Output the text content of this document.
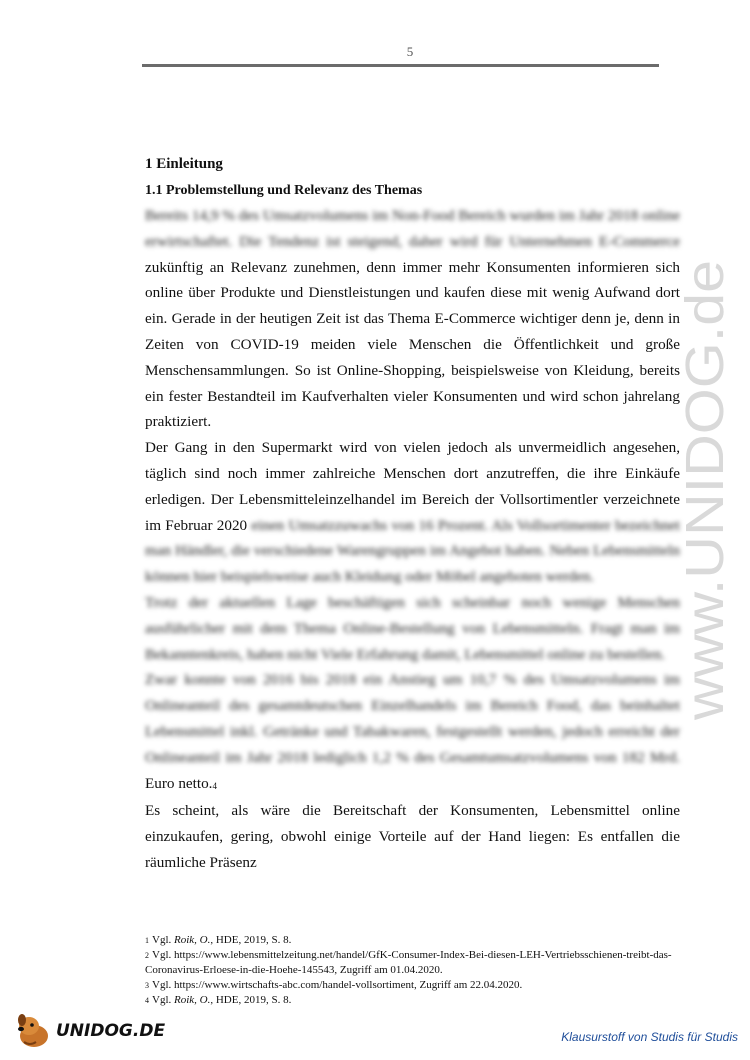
5
1 Einleitung
1.1 Problemstellung und Relevanz des Themas

Bereits 14,9 % des Umsatzvolumens im Non-Food Bereich wurden im Jahr 2018 online erwirtschaftet. Die Tendenz ist steigend, daher wird für Unternehmen E-Commerce zukünftig an Relevanz zunehmen, denn immer mehr Konsumenten informieren sich online über Produkte und Dienstleistungen und kaufen diese mit wenig Aufwand dort ein. Gerade in der heutigen Zeit ist das Thema E-Commerce wichtiger denn je, denn in Zeiten von COVID-19 meiden viele Menschen die Öffentlichkeit und große Menschensammlungen. So ist Online-Shopping, beispielsweise von Kleidung, bereits ein fester Bestandteil im Kaufverhalten vieler Konsumenten und wird schon jahrelang praktiziert.

Der Gang in den Supermarkt wird von vielen jedoch als unvermeidlich angesehen, täglich sind noch immer zahlreiche Menschen dort anzutreffen, die ihre Einkäufe erledigen. Der Lebensmitteleinzelhandel im Bereich der Vollsortimentler verzeichnete im Februar 2020 einen Umsatzzuwachs von 16 Prozent. Als Vollsortimenter bezeichnet man Händler, die verschiedene Warengruppen im Angebot haben. Neben Lebensmitteln können hier beispielsweise auch Kleidung oder Möbel angeboten werden.

Trotz der aktuellen Lage beschäftigen sich scheinbar noch wenige Menschen ausführlicher mit dem Thema Online-Bestellung von Lebensmitteln. Fragt man im Bekanntenkreis, haben nicht Viele Erfahrung damit, Lebensmittel online zu bestellen.

Zwar konnte von 2016 bis 2018 ein Anstieg um 10,7 % des Umsatzvolumens im Onlineanteil des gesamtdeutschen Einzelhandels im Bereich Food, das beinhaltet Lebensmittel inkl. Getränke und Tabakwaren, festgestellt werden, jedoch erreicht der Onlineanteil im Jahr 2018 lediglich 1,2 % des Gesamtumsatzvolumens von 182 Mrd. Euro netto.4

Es scheint, als wäre die Bereitschaft der Konsumenten, Lebensmittel online einzukaufen, gering, obwohl einige Vorteile auf der Hand liegen: Es entfallen die räumliche Präsenz

1 Vgl. Roik, O., HDE, 2019, S. 8.

2 Vgl. https://www.lebensmittelzeitung.net/handel/GfK-Consumer-Index-Bei-diesen-LEH-Vertriebsschienen-treibt-das-Coronavirus-Erloese-in-die-Hoehe-145543, Zugriff am 01.04.2020.

3 Vgl. https://www.wirtschafts-abc.com/handel-vollsortiment, Zugriff am 22.04.2020.

4 Vgl. Roik, O., HDE, 2019, S. 8.

www.UNIDOG.de
UNIDOG.DE	Klausurstoff von Studis für Studis
